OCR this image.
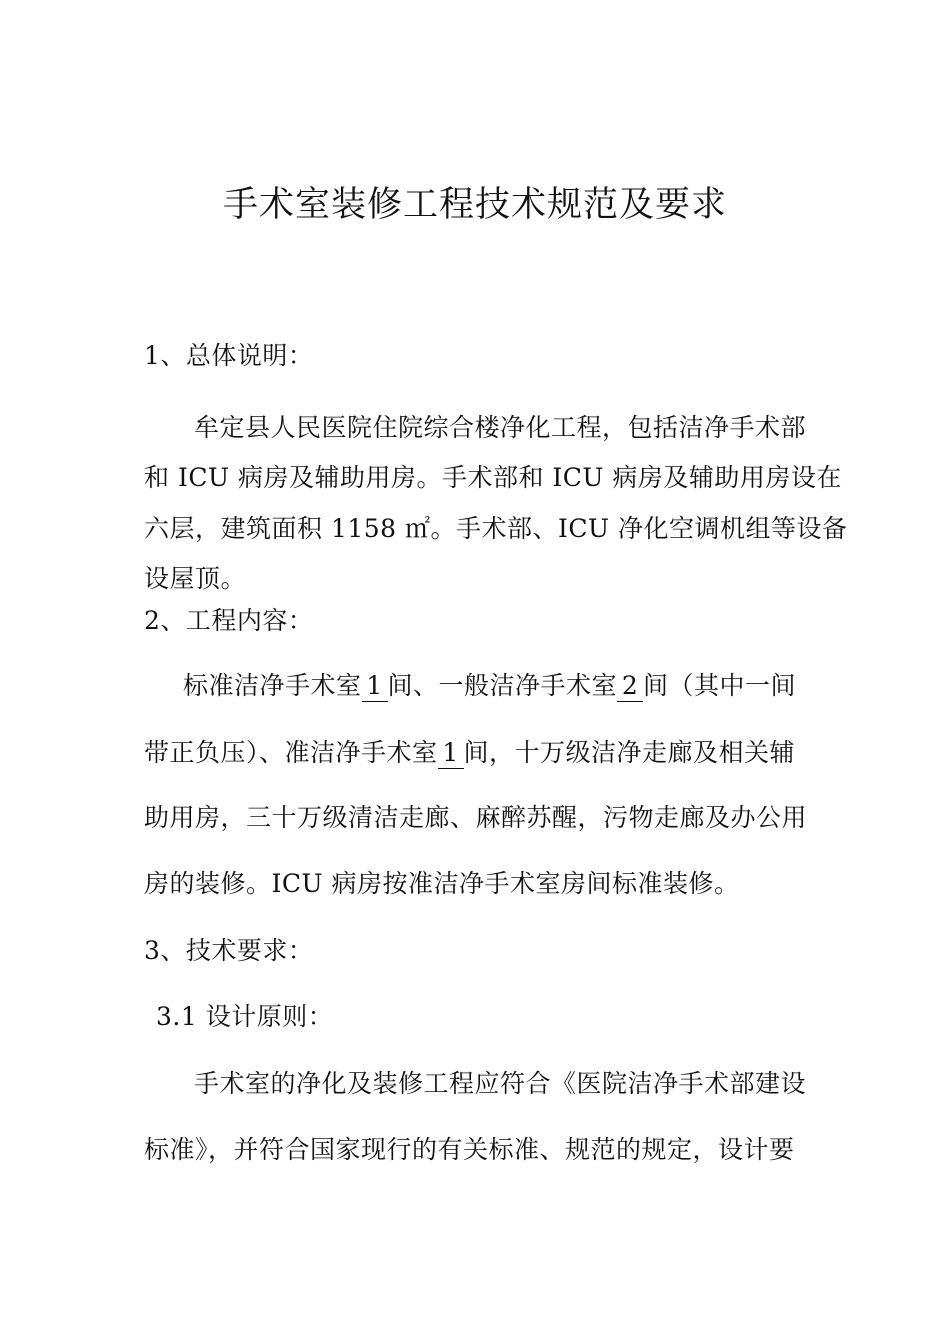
手术室装修工程技术规范及要求
1、总体说明：
牟定县人民医院住院综合楼净化工程，包括洁净手术部
和 ICU 病房及辅助用房。手术部和 ICU 病房及辅助用房设在
六层，建筑面积 1158 ㎡。手术部、ICU 净化空调机组等设备
设屋顶。
2、工程内容：
标准洁净手术室 1 间、一般洁净手术室 2 间（其中一间
带正负压）、准洁净手术室 1 间，十万级洁净走廊及相关辅
助用房，三十万级清洁走廊、麻醉苏醒，污物走廊及办公用
房的装修。ICU 病房按准洁净手术室房间标准装修。
3、技术要求：
3.1 设计原则：
手术室的净化及装修工程应符合《医院洁净手术部建设
标准》，并符合国家现行的有关标准、规范的规定，设计要
